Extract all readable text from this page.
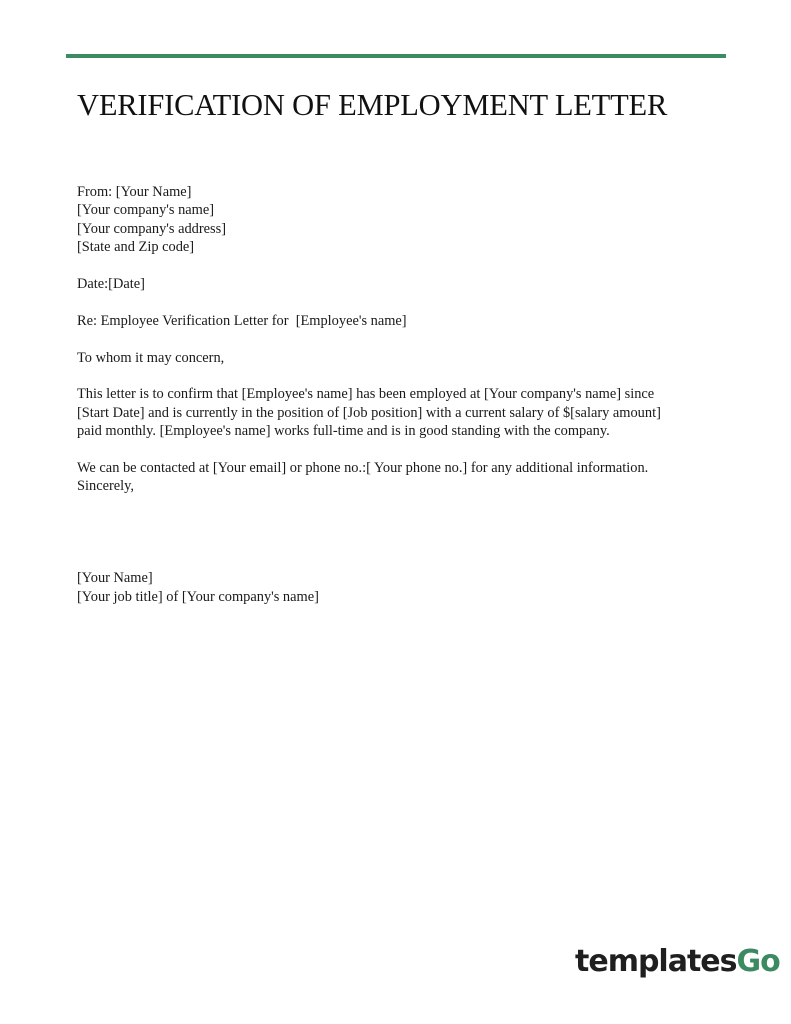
VERIFICATION OF EMPLOYMENT LETTER
From: [Your Name]
[Your company's name]
[Your company's address]
[State and Zip code]
Date:[Date]
Re: Employee Verification Letter for  [Employee's name]
To whom it may concern,
This letter is to confirm that [Employee's name] has been employed at [Your company's name] since
[Start Date] and is currently in the position of [Job position] with a current salary of $[salary amount]
paid monthly. [Employee's name] works full-time and is in good standing with the company.
We can be contacted at [Your email] or phone no.:[ Your phone no.] for any additional information.
Sincerely,
[Your Name]
[Your job title] of [Your company's name]
templatesGo
